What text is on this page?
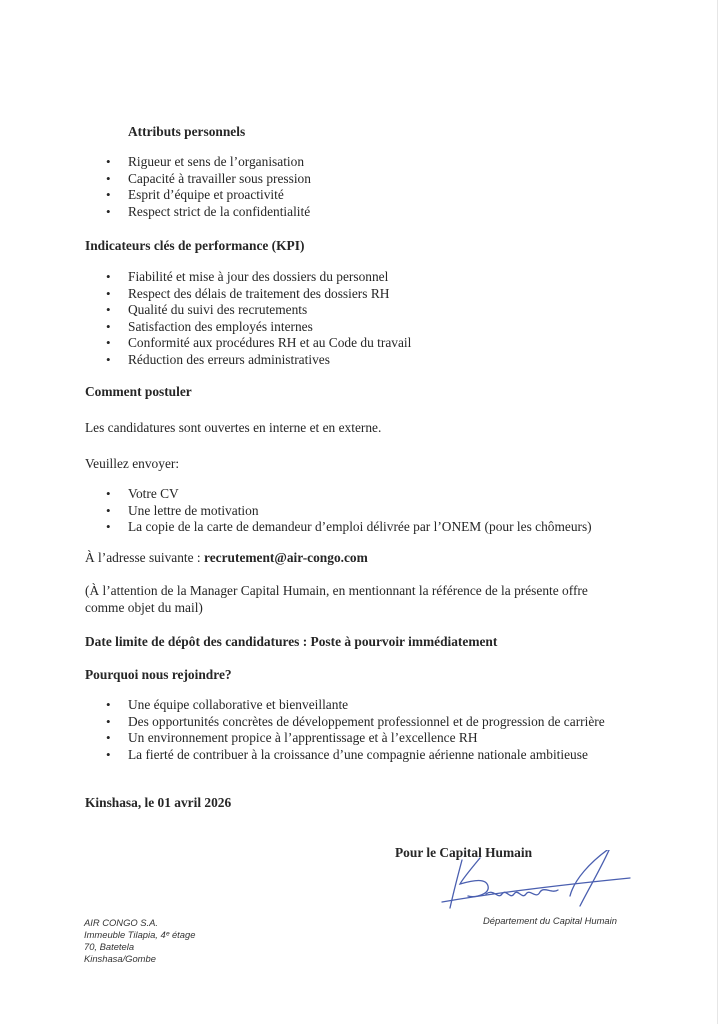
Attributs personnels
• Rigueur et sens de l’organisation
• Capacité à travailler sous pression
• Esprit d’équipe et proactivité
• Respect strict de la confidentialité
Indicateurs clés de performance (KPI)
• Fiabilité et mise à jour des dossiers du personnel
• Respect des délais de traitement des dossiers RH
• Qualité du suivi des recrutements
• Satisfaction des employés internes
• Conformité aux procédures RH et au Code du travail
• Réduction des erreurs administratives
Comment postuler
Les candidatures sont ouvertes en interne et en externe.
Veuillez envoyer:
• Votre CV
• Une lettre de motivation
• La copie de la carte de demandeur d’emploi délivrée par l’ONEM (pour les chômeurs)
À l’adresse suivante : recrutement@air-congo.com
(À l’attention de la Manager Capital Humain, en mentionnant la référence de la présente offre
comme objet du mail)
Date limite de dépôt des candidatures : Poste à pourvoir immédiatement
Pourquoi nous rejoindre?
• Une équipe collaborative et bienveillante
• Des opportunités concrètes de développement professionnel et de progression de carrière
• Un environnement propice à l’apprentissage et à l’excellence RH
• La fierté de contribuer à la croissance d’une compagnie aérienne nationale ambitieuse
Kinshasa, le 01 avril 2026
Pour le Capital Humain
Département du Capital Humain
AIR CONGO S.A.
Immeuble Tilapia, 4ᵉ étage
70, Batetela
Kinshasa/Gombe
